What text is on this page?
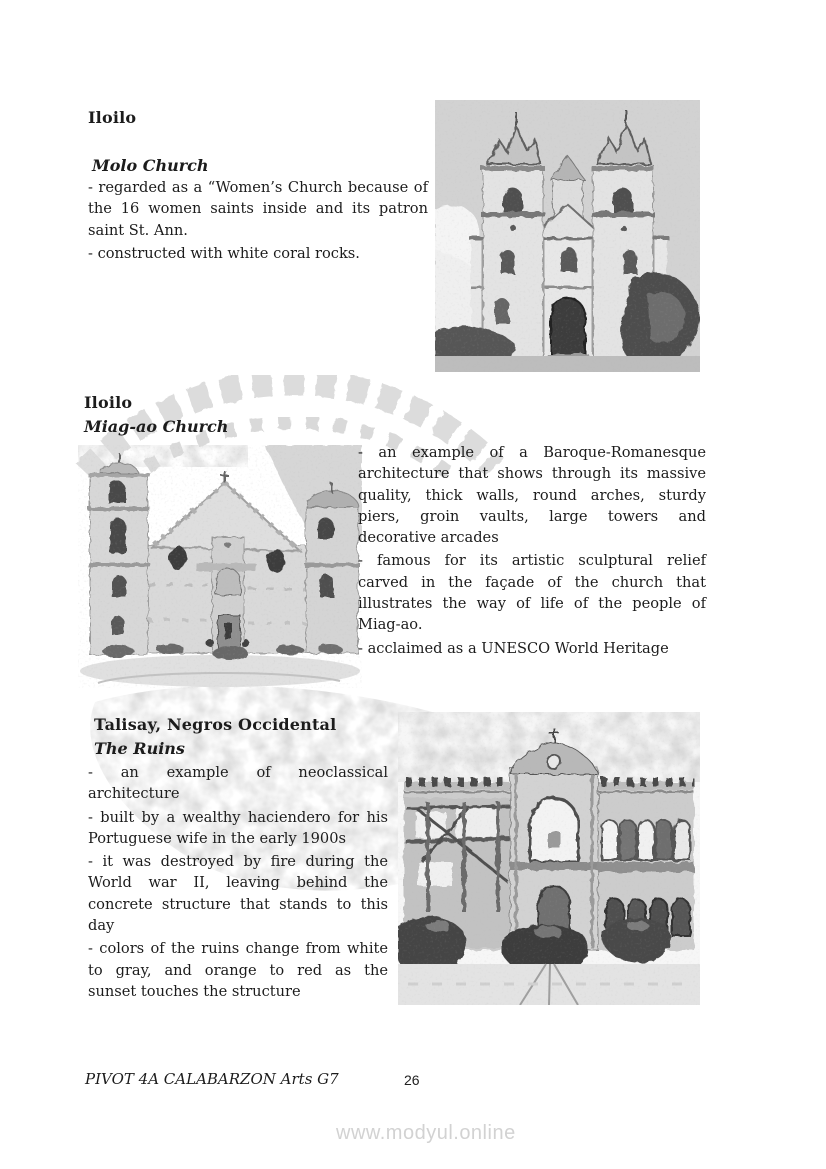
Iloilo
Molo Church
- regarded as a “Women’s Church because of
the 16 women saints inside and its patron
saint St. Ann.
- constructed with white coral rocks.
Iloilo
Miag-ao Church
- an example of a Baroque-Romanesque
architecture that shows through its massive
quality, thick walls, round arches, sturdy
piers, groin vaults, large towers and
decorative arcades
- famous for its artistic sculptural relief
carved in the façade of the church that
illustrates the way of life of the people of
Miag-ao.
- acclaimed as a UNESCO World Heritage
Talisay, Negros Occidental
The Ruins
- an example of neoclassical
architecture
- built by a wealthy haciendero for his
Portuguese wife in the early 1900s
- it was destroyed by fire during the
World war II, leaving behind the
concrete structure that stands to this
day
- colors of the ruins change from white
to gray, and orange to red as the
sunset touches the structure
PIVOT 4A CALABARZON Arts G7	26
www.modyul.online
